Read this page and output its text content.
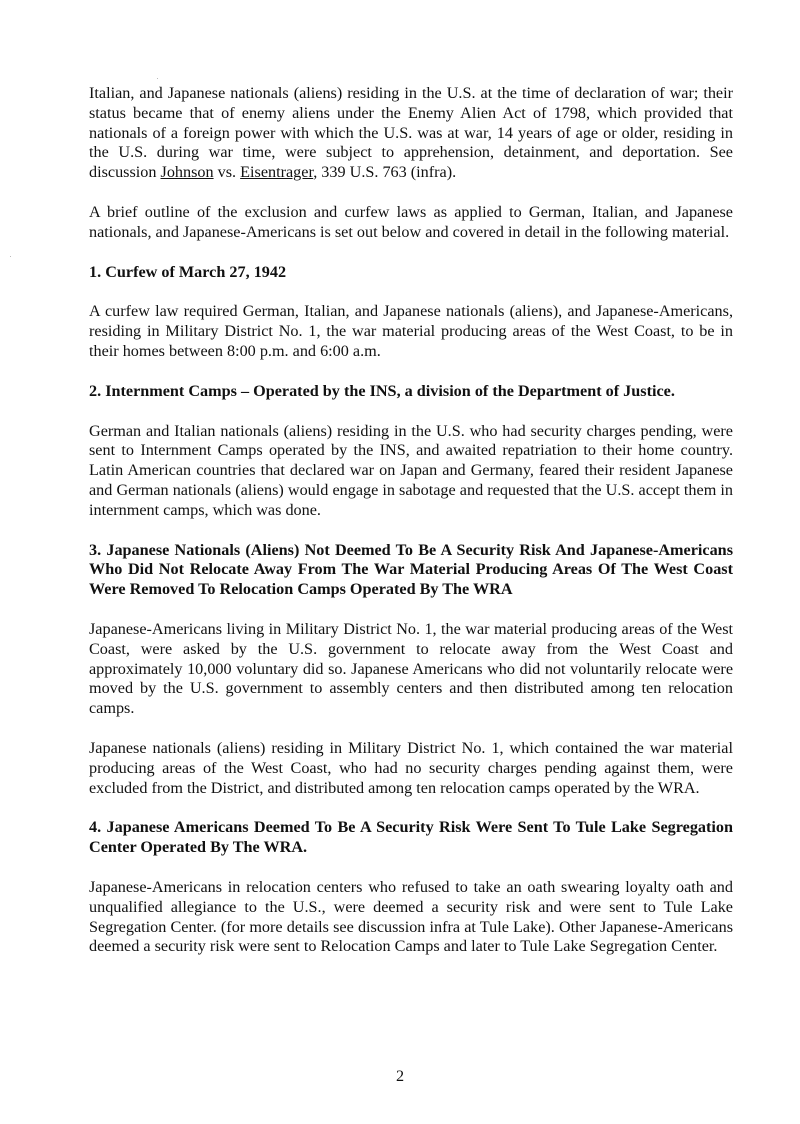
Italian, and Japanese nationals (aliens) residing in the U.S. at the time of declaration of war; their status became that of enemy aliens under the Enemy Alien Act of 1798, which provided that nationals of a foreign power with which the U.S. was at war, 14 years of age or older, residing in the U.S. during war time, were subject to apprehension, detainment, and deportation. See discussion Johnson vs. Eisentrager, 339 U.S. 763 (infra).

A brief outline of the exclusion and curfew laws as applied to German, Italian, and Japanese nationals, and Japanese-Americans is set out below and covered in detail in the following material.

1. Curfew of March 27, 1942

A curfew law required German, Italian, and Japanese nationals (aliens), and Japanese-Americans, residing in Military District No. 1, the war material producing areas of the West Coast, to be in their homes between 8:00 p.m. and 6:00 a.m.

2. Internment Camps – Operated by the INS, a division of the Department of Justice.

German and Italian nationals (aliens) residing in the U.S. who had security charges pending, were sent to Internment Camps operated by the INS, and awaited repatriation to their home country. Latin American countries that declared war on Japan and Germany, feared their resident Japanese and German nationals (aliens) would engage in sabotage and requested that the U.S. accept them in internment camps, which was done.

3. Japanese Nationals (Aliens) Not Deemed To Be A Security Risk And Japanese-Americans Who Did Not Relocate Away From The War Material Producing Areas Of The West Coast Were Removed To Relocation Camps Operated By The WRA

Japanese-Americans living in Military District No. 1, the war material producing areas of the West Coast, were asked by the U.S. government to relocate away from the West Coast and approximately 10,000 voluntary did so. Japanese Americans who did not voluntarily relocate were moved by the U.S. government to assembly centers and then distributed among ten relocation camps.

Japanese nationals (aliens) residing in Military District No. 1, which contained the war material producing areas of the West Coast, who had no security charges pending against them, were excluded from the District, and distributed among ten relocation camps operated by the WRA.

4. Japanese Americans Deemed To Be A Security Risk Were Sent To Tule Lake Segregation Center Operated By The WRA.

Japanese-Americans in relocation centers who refused to take an oath swearing loyalty oath and unqualified allegiance to the U.S., were deemed a security risk and were sent to Tule Lake Segregation Center. (for more details see discussion infra at Tule Lake). Other Japanese-Americans deemed a security risk were sent to Relocation Camps and later to Tule Lake Segregation Center.

2
